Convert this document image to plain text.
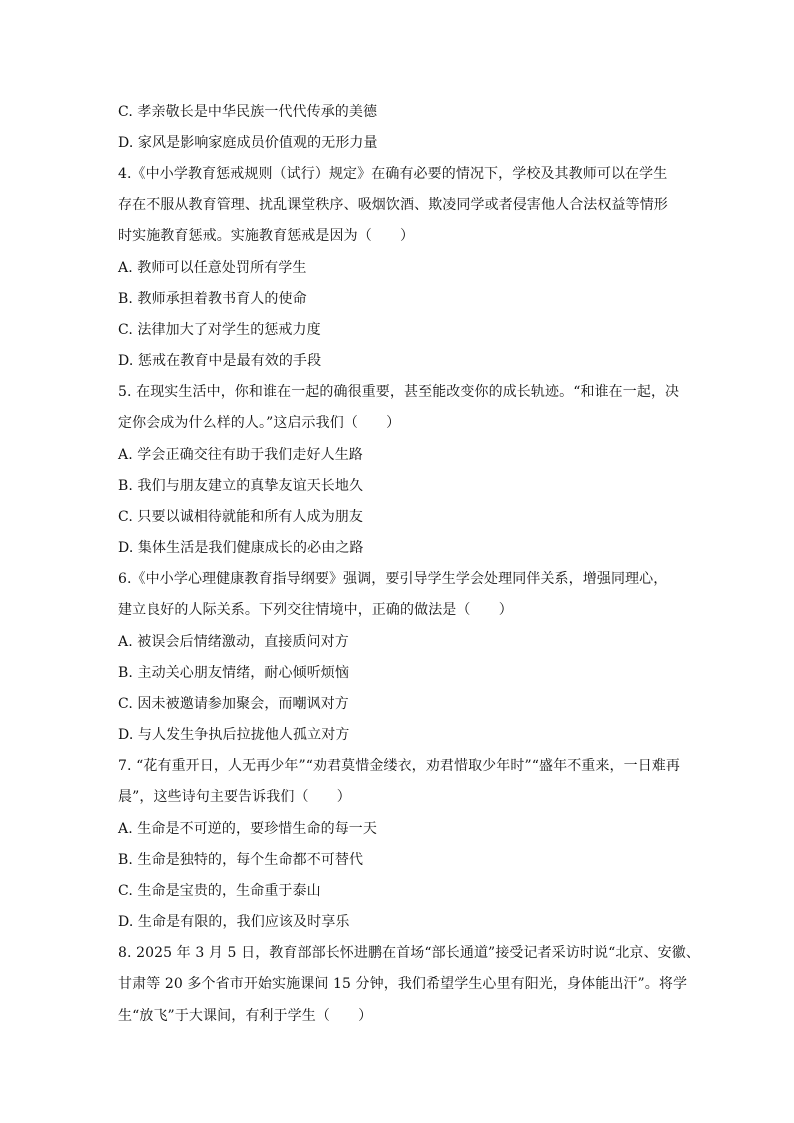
C. 孝亲敬长是中华民族一代代传承的美德
D. 家风是影响家庭成员价值观的无形力量
4.《中小学教育惩戒规则（试行）规定》在确有必要的情况下，学校及其教师可以在学生
存在不服从教育管理、扰乱课堂秩序、吸烟饮酒、欺凌同学或者侵害他人合法权益等情形
时实施教育惩戒。实施教育惩戒是因为（　　）
A. 教师可以任意处罚所有学生
B. 教师承担着教书育人的使命
C. 法律加大了对学生的惩戒力度
D. 惩戒在教育中是最有效的手段
5. 在现实生活中，你和谁在一起的确很重要，甚至能改变你的成长轨迹。“和谁在一起，决
定你会成为什么样的人。”这启示我们（　　）
A. 学会正确交往有助于我们走好人生路
B. 我们与朋友建立的真挚友谊天长地久
C. 只要以诚相待就能和所有人成为朋友
D. 集体生活是我们健康成长的必由之路
6.《中小学心理健康教育指导纲要》强调，要引导学生学会处理同伴关系，增强同理心，
建立良好的人际关系。下列交往情境中，正确的做法是（　　）
A. 被误会后情绪激动，直接质问对方
B. 主动关心朋友情绪，耐心倾听烦恼
C. 因未被邀请参加聚会，而嘲讽对方
D. 与人发生争执后拉拢他人孤立对方
7. “花有重开日，人无再少年”“劝君莫惜金缕衣，劝君惜取少年时”“盛年不重来，一日难再
晨”，这些诗句主要告诉我们（　　）
A. 生命是不可逆的，要珍惜生命的每一天
B. 生命是独特的，每个生命都不可替代
C. 生命是宝贵的，生命重于泰山
D. 生命是有限的，我们应该及时享乐
8. 2025 年 3 月 5 日，教育部部长怀进鹏在首场“部长通道”接受记者采访时说“北京、安徽、
甘肃等 20 多个省市开始实施课间 15 分钟，我们希望学生心里有阳光，身体能出汗”。将学
生“放飞”于大课间，有利于学生（　　）
